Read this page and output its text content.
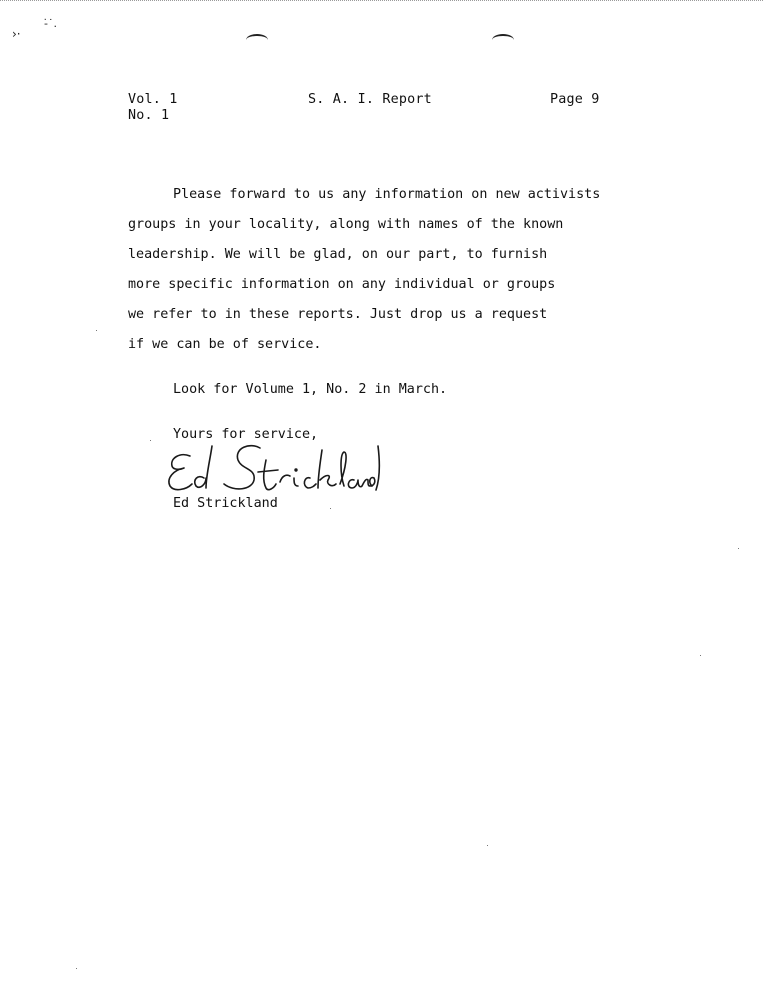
›·
-̇˙.
Vol. 1
No. 1
S. A. I. Report	Page 9
Please forward to us any information on new activists
groups in your locality, along with names of the known
leadership. We will be glad, on our part, to furnish
more specific information on any individual or groups
we refer to in these reports. Just drop us a request
if we can be of service.
Look for Volume 1, No. 2 in March.
Yours for service,
Ed Strickland
